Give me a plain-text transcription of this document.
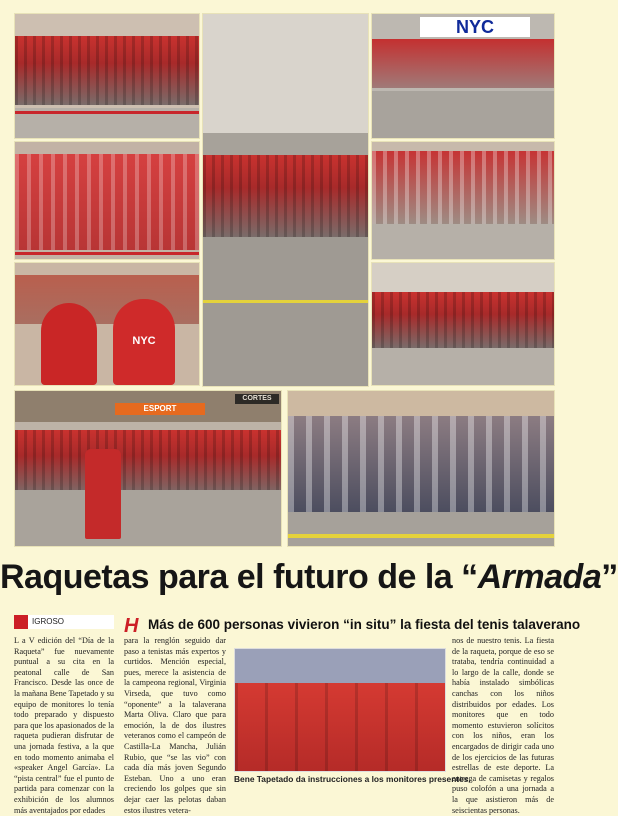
NYC
NYC
ESPORT
CORTES
Raquetas para el futuro de la “Armada”
IGROSO	H Más de 600 personas vivieron “in situ” la fiesta del tenis talaverano

L a V edición del “Día de la Raqueta” fue nuevamente puntual a su cita en la peatonal calle de San Francisco. Desde las once de la mañana Bene Tapetado y su equipo de monitores lo tenía todo preparado y dispuesto para que los apasionados de la raqueta pudieran disfrutar de una jornada festiva, a la que en todo momento animaba el «speaker Angel García». La “pista central” fue el punto de partida para comenzar con la exhibición de los alumnos más aventajados por edades

para la renglón seguido dar paso a tenistas más expertos y curtidos. Mención especial, pues, merece la asistencia de la campeona regional, Virginia Virseda, que tuvo como “oponente” a la talaverana Marta Oliva. Claro que para emoción, la de dos ilustres veteranos como el campeón de Castilla-La Mancha, Julián Rubio, que “se las vio” con cada día más joven Segundo Esteban. Uno a uno eran creciendo los golpes que sin dejar caer las pelotas daban estos ilustres vetera-

nos de nuestro tenis. La fiesta de la raqueta, porque de eso se trataba, tendría continuidad a lo largo de la calle, donde se había instalado simbólicas canchas con los niños distribuidos por edades. Los monitores que en todo momento estuvieron solícitos con los niños, eran los encargados de dirigir cada uno de los ejercicios de las futuras estrellas de este deporte. La entrega de camisetas y regalos puso colofón a una jornada a la que asistieron más de seiscientas personas.

Bene Tapetado da instrucciones a los monitores presentes.
